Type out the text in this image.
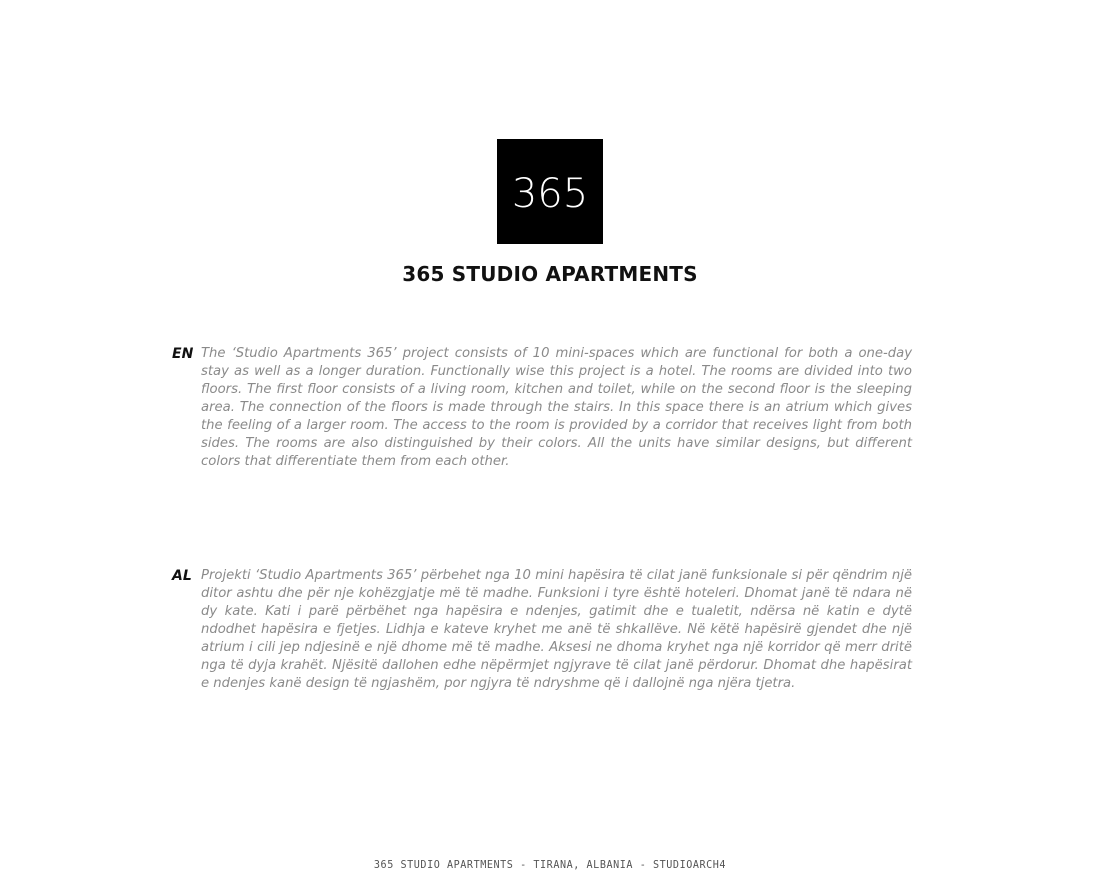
365
365 STUDIO APARTMENTS
EN The ‘Studio Apartments 365’ project consists of 10 mini-spaces which are functional for both a one-day stay as well as a longer duration. Functionally wise this project is a hotel. The rooms are divided into two floors. The first floor consists of a living room, kitchen and toilet, while on the second floor is the sleeping area. The connection of the floors is made through the stairs. In this space there is an atrium which gives the feeling of a larger room. The access to the room is provided by a corridor that receives light from both sides. The rooms are also distinguished by their colors. All the units have similar designs, but different colors that differentiate them from each other.

AL Projekti ‘Studio Apartments 365’ përbehet nga 10 mini hapësira të cilat janë funksionale si për qëndrim një ditor ashtu dhe për nje kohëzgjatje më të madhe. Funksioni i tyre është hoteleri. Dhomat janë të ndara në dy kate. Kati i parë përbëhet nga hapësira e ndenjes, gatimit dhe e tualetit, ndërsa në katin e dytë ndodhet hapësira e fjetjes. Lidhja e kateve kryhet me anë të shkallëve. Në këtë hapësirë gjendet dhe një atrium i cili jep ndjesinë e një dhome më të madhe. Aksesi ne dhoma kryhet nga një korridor që merr dritë nga të dyja krahët. Njësitë dallohen edhe nëpërmjet ngjyrave të cilat janë përdorur. Dhomat dhe hapësirat e ndenjes kanë design të ngjashëm, por ngjyra të ndryshme që i dallojnë nga njëra tjetra.

365 STUDIO APARTMENTS - TIRANA, ALBANIA - STUDIOARCH4
